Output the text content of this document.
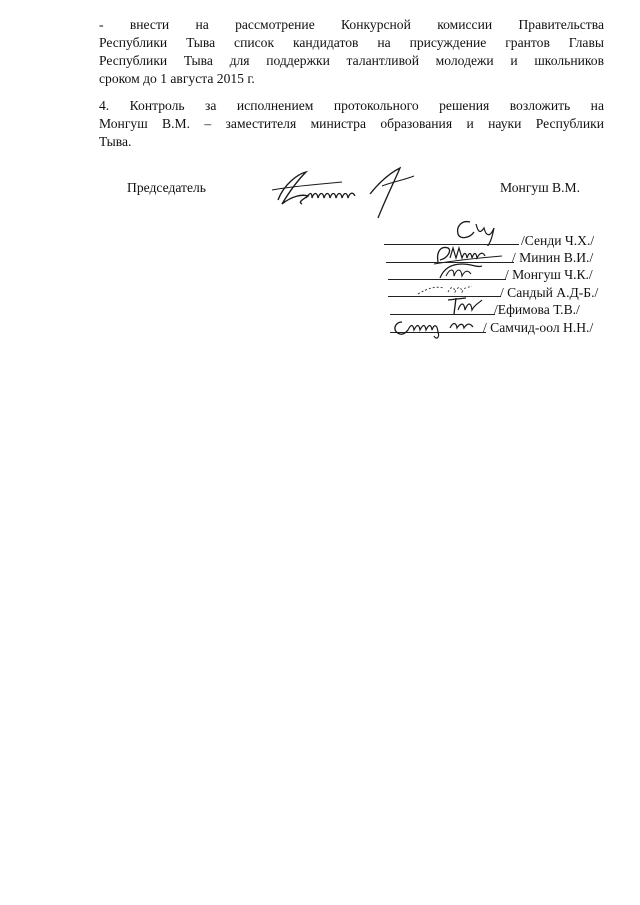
- внести на рассмотрение Конкурсной комиссии Правительства
Республики Тыва список кандидатов на присуждение грантов Главы
Республики Тыва для поддержки талантливой молодежи и школьников
сроком до 1 августа 2015 г.
4. Контроль за исполнением протокольного решения возложить на
Монгуш В.М. – заместителя министра образования и науки Республики
Тыва.
Председатель	Монгуш В.М.
/Сенди Ч.Х./
/ Минин В.И./
/ Монгуш Ч.К./
/ Сандый А.Д-Б./
/Ефимова Т.В./
/ Самчид-оол Н.Н./
